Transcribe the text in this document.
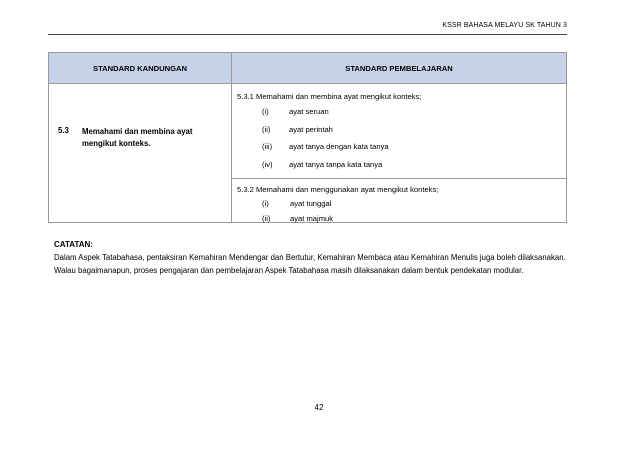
KSSR BAHASA MELAYU SK TAHUN 3
STANDARD KANDUNGAN	STANDARD PEMBELAJARAN
5.3 Memahami dan membina ayat mengikut konteks.
5.3.1 Memahami dan membina ayat mengikut konteks;
(i)	ayat seruan
(ii) ayat perintah
(iii) ayat tanya dengan kata tanya
(iv) ayat tanya tanpa kata tanya
5.3.2 Memahami dan menggunakan ayat mengikut konteks;
(i)	ayat tunggal
(ii)	ayat majmuk
CATATAN:
Dalam Aspek Tatabahasa, pentaksiran Kemahiran Mendengar dan Bertutur, Kemahiran Membaca atau Kemahiran Menulis juga boleh dilaksanakan. Walau bagaimanapun, proses pengajaran dan pembelajaran Aspek Tatabahasa masih dilaksanakan dalam bentuk pendekatan modular.
42
